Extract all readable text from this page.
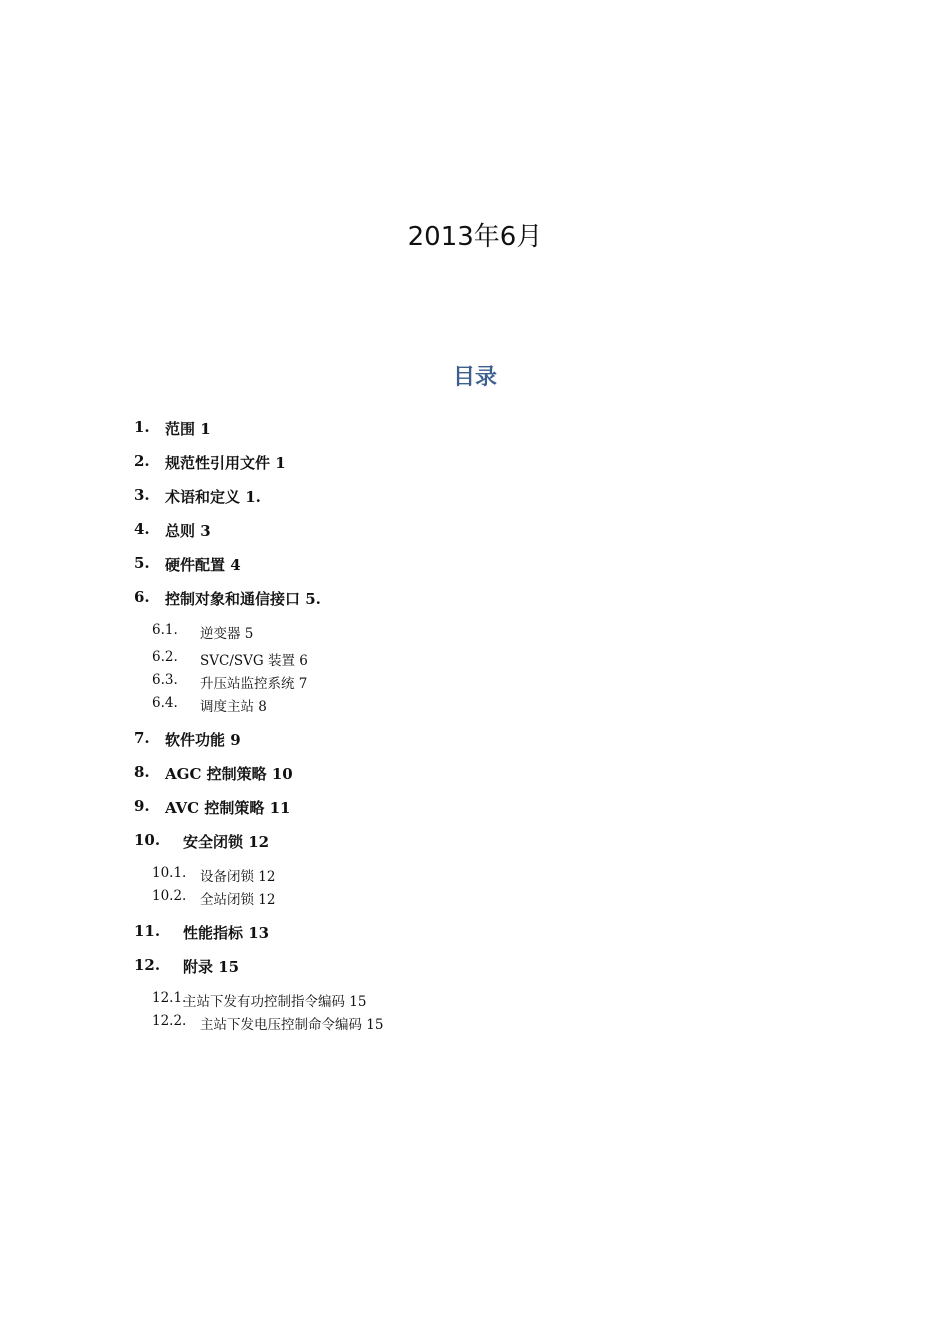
2013年6月
目录
1. 范围 1
2. 规范性引用文件 1
3. 术语和定义 1.
4. 总则 3
5. 硬件配置 4
6. 控制对象和通信接口 5.
6.1. 逆变器 5
6.2. SVC/SVG 装置 6
6.3. 升压站监控系统 7
6.4. 调度主站 8
7. 软件功能 9
8. AGC 控制策略 10
9. AVC 控制策略 11
10. 安全闭锁 12
10.1. 设备闭锁 12
10.2. 全站闭锁 12
11. 性能指标 13
12. 附录 15
12.1.
主站下发有功控制指令编码 15
12.2. 主站下发电压控制命令编码 15
